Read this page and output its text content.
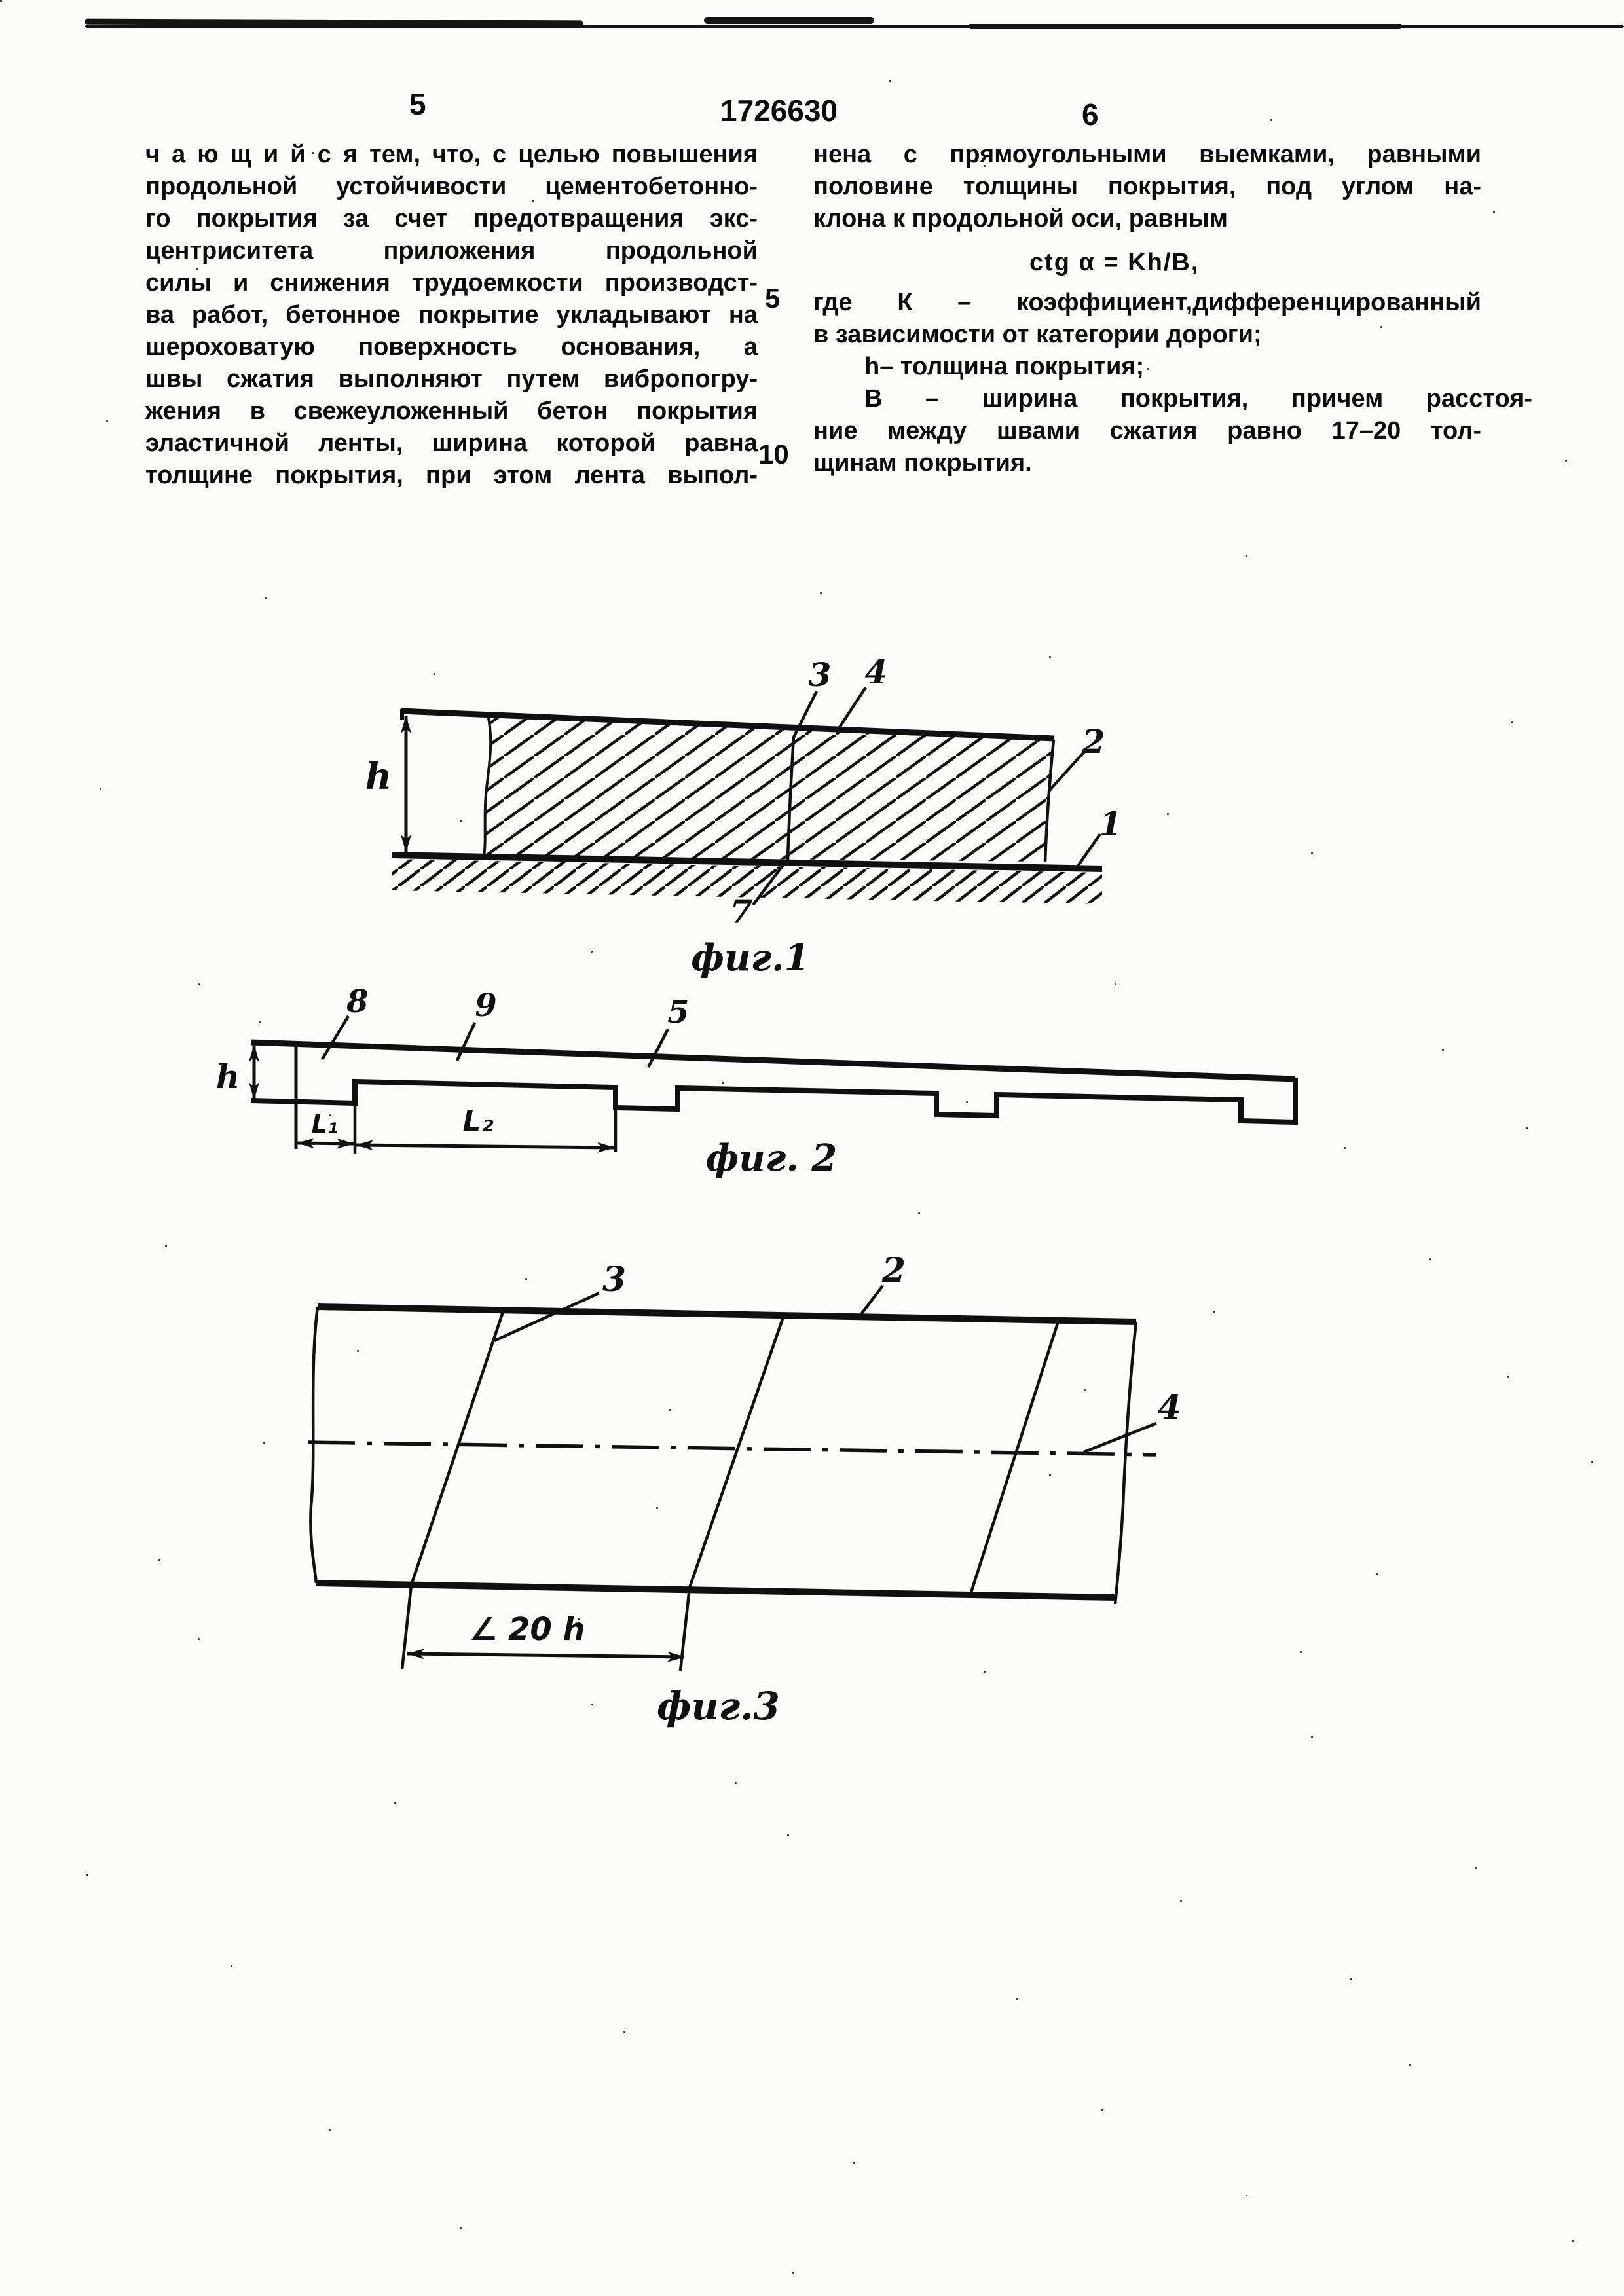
5	1726630	6
ч а ю щ и й с я тем, что, с целью повышения
продольной устойчивости цементобетонно-
го покрытия за счет предотвращения экс-
центриситета приложения продольной
силы и снижения трудоемкости производст-
ва работ, бетонное покрытие укладывают на
шероховатую поверхность основания, а
швы сжатия выполняют путем вибропогру-
жения в свежеуложенный бетон покрытия
эластичной ленты, ширина которой равна
толщине покрытия, при этом лента выпол-
5
10
нена с прямоугольными выемками, равными
половине толщины покрытия, под углом на-
клона к продольной оси, равным
ctg α = Kh/B,
где К – коэффициент,дифференцированный
в зависимости от категории дороги;
h– толщина покрытия;
В – ширина покрытия, причем расстоя-
ние между швами сжатия равно 17–20 тол-
щинам покрытия.
h
3 4
2
1
7
фиг.1
h
8	9	5
L₁	L₂
фиг. 2
3	2
4
∠ 20 h
фиг.3
